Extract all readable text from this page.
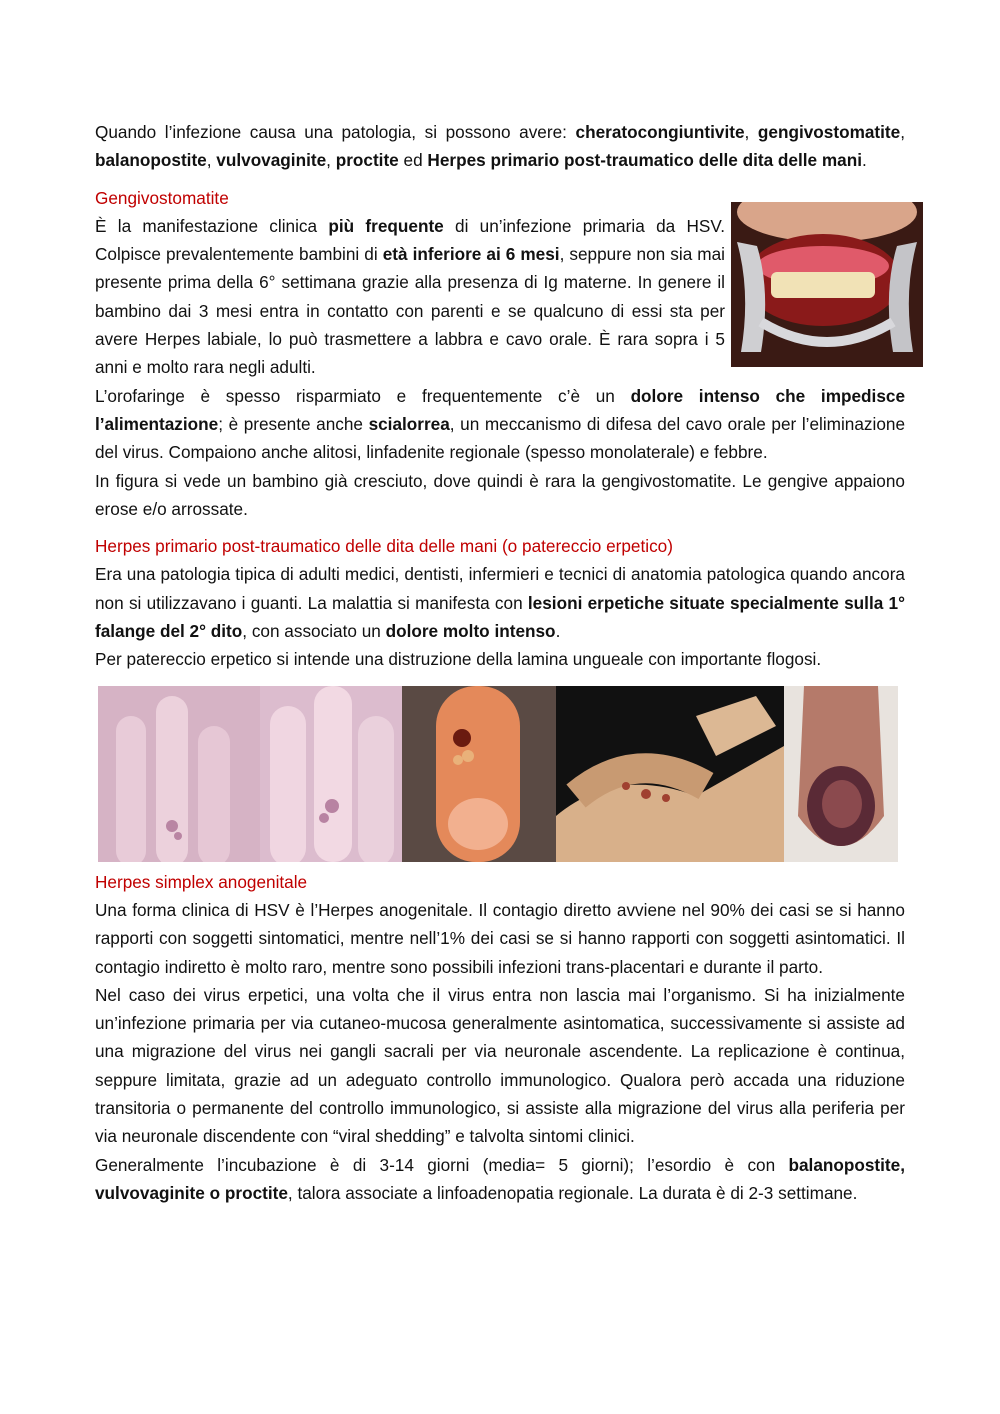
Quando l’infezione causa una patologia, si possono avere: cheratocongiuntivite, gengivostomatite, balanopostite, vulvovaginite, proctite ed Herpes primario post-traumatico delle dita delle mani.

Gengivostomatite

È la manifestazione clinica più frequente di un’infezione primaria da HSV. Colpisce prevalentemente bambini di età inferiore ai 6 mesi, seppure non sia mai presente prima della 6° settimana grazie alla presenza di Ig materne. In genere il bambino dai 3 mesi entra in contatto con parenti e se qualcuno di essi sta per avere Herpes labiale, lo può trasmettere a labbra e cavo orale. È rara sopra i 5 anni e molto rara negli adulti.

L’orofaringe è spesso risparmiato e frequentemente c’è un dolore intenso che impedisce l’alimentazione; è presente anche scialorrea, un meccanismo di difesa del cavo orale per l’eliminazione del virus. Compaiono anche alitosi, linfadenite regionale (spesso monolaterale) e febbre.

In figura si vede un bambino già cresciuto, dove quindi è rara la gengivostomatite. Le gengive appaiono erose e/o arrossate.

Herpes primario post-traumatico delle dita delle mani (o patereccio erpetico)

Era una patologia tipica di adulti medici, dentisti, infermieri e tecnici di anatomia patologica quando ancora non si utilizzavano i guanti. La malattia si manifesta con lesioni erpetiche situate specialmente sulla 1° falange del 2° dito, con associato un dolore molto intenso.

Per patereccio erpetico si intende una distruzione della lamina ungueale con importante flogosi.

Herpes simplex anogenitale

Una forma clinica di HSV è l’Herpes anogenitale. Il contagio diretto avviene nel 90% dei casi se si hanno rapporti con soggetti sintomatici, mentre nell’1% dei casi se si hanno rapporti con soggetti asintomatici. Il contagio indiretto è molto raro, mentre sono possibili infezioni trans-placentari e durante il parto.

Nel caso dei virus erpetici, una volta che il virus entra non lascia mai l’organismo. Si ha inizialmente un’infezione primaria per via cutaneo-mucosa generalmente asintomatica, successivamente si assiste ad una migrazione del virus nei gangli sacrali per via neuronale ascendente. La replicazione è continua, seppure limitata, grazie ad un adeguato controllo immunologico. Qualora però accada una riduzione transitoria o permanente del controllo immunologico, si assiste alla migrazione del virus alla periferia per via neuronale discendente con “viral shedding” e talvolta sintomi clinici.

Generalmente l’incubazione è di 3-14 giorni (media= 5 giorni); l’esordio è con balanopostite, vulvovaginite o proctite, talora associate a linfoadenopatia regionale. La durata è di 2-3 settimane.
